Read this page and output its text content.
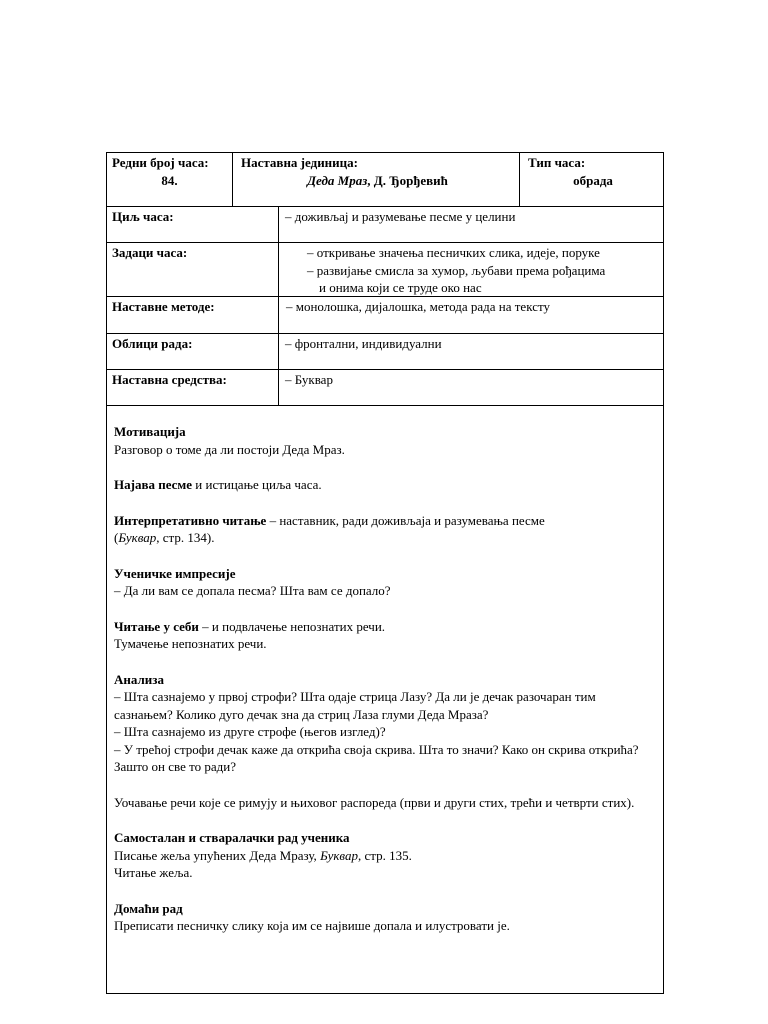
Редни број часа:
84.
Наставна јединица:
Деда Мраз, Д. Ђорђевић
Тип часа:
обрада
Циљ часа:	– доживљај и разумевање песме у целини
Задаци часа:	– откривање значења песничких слика, идеје, поруке
– развијање смисла за хумор, љубави према рођацима
и онима који се труде око нас
Наставне методе:	– монолошка, дијалошка, метода рада на тексту
Облици рада:	– фронтални, индивидуални
Наставна средства:	– Буквар
Мотивација
Разговор о томе да ли постоји Деда Мраз.
Најава песме и истицање циља часа.
Интерпретативно читање – наставник, ради доживљаја и разумевања песме
(Буквар, стр. 134).
Ученичке импресије
– Да ли вам се допала песма? Шта вам се допало?
Читање у себи – и подвлачење непознатих речи.
Тумачење непознатих речи.
Анализа
– Шта сазнајемо у првој строфи? Шта одаје стрица Лазу? Да ли је дечак разочаран тим сазнањем? Колико дуго дечак зна да стриц Лаза глуми Деда Мраза?
– Шта сазнајемо из друге строфе (његов изглед)?
– У трећој строфи дечак каже да открића своја скрива. Шта то значи? Како он скрива открића? Зашто он све то ради?
Уочавање речи које се римују и њиховог распореда (први и други стих, трећи и четврти стих).
Самосталан и стваралачки рад ученика
Писање жеља упућених Деда Мразу, Буквар, стр. 135.
Читање жеља.
Домаћи рад
Преписати песничку слику која им се највише допала и илустровати је.
